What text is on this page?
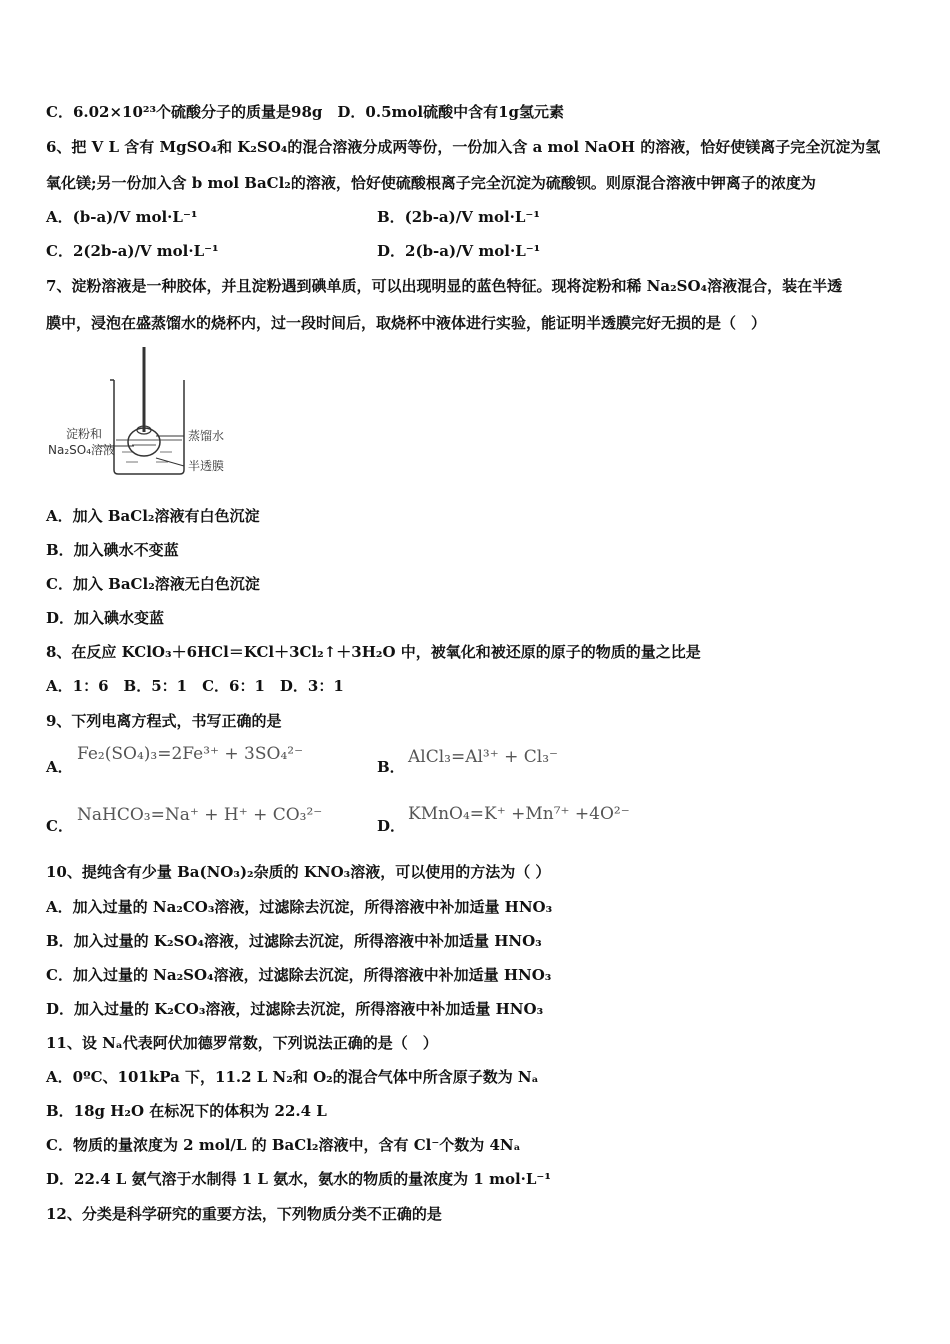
C．6.02×10²³个硫酸分子的质量是98g　D．0.5mol硫酸中含有1g氢元素
6、把 V L 含有 MgSO₄和 K₂SO₄的混合溶液分成两等份，一份加入含 a mol NaOH 的溶液，恰好使镁离子完全沉淀为氢
氧化镁;另一份加入含 b mol BaCl₂的溶液，恰好使硫酸根离子完全沉淀为硫酸钡。则原混合溶液中钾离子的浓度为
A．(b-a)/V mol·L⁻¹	B．(2b-a)/V mol·L⁻¹
C．2(2b-a)/V mol·L⁻¹	D．2(b-a)/V mol·L⁻¹
7、淀粉溶液是一种胶体，并且淀粉遇到碘单质，可以出现明显的蓝色特征。现将淀粉和稀 Na₂SO₄溶液混合，装在半透
膜中，浸泡在盛蒸馏水的烧杯内，过一段时间后，取烧杯中液体进行实验，能证明半透膜完好无损的是（　）
淀粉和
Na₂SO₄溶液
蒸馏水
半透膜
A．加入 BaCl₂溶液有白色沉淀
B．加入碘水不变蓝
C．加入 BaCl₂溶液无白色沉淀
D．加入碘水变蓝
8、在反应 KClO₃＋6HCl＝KCl＋3Cl₂↑＋3H₂O 中，被氧化和被还原的原子的物质的量之比是
A．1：6　B．5：1　C．6：1　D．3：1
9、下列电离方程式，书写正确的是
A．
Fe₂(SO₄)₃=2Fe³⁺ + 3SO₄²⁻
B． AlCl₃=Al³⁺ + Cl₃⁻
C．
NaHCO₃=Na⁺ + H⁺ + CO₃²⁻
D．
KMnO₄=K⁺ +Mn⁷⁺ +4O²⁻
10、提纯含有少量 Ba(NO₃)₂杂质的 KNO₃溶液，可以使用的方法为（ ）
A．加入过量的 Na₂CO₃溶液，过滤除去沉淀，所得溶液中补加适量 HNO₃
B．加入过量的 K₂SO₄溶液，过滤除去沉淀，所得溶液中补加适量 HNO₃
C．加入过量的 Na₂SO₄溶液，过滤除去沉淀，所得溶液中补加适量 HNO₃
D．加入过量的 K₂CO₃溶液，过滤除去沉淀，所得溶液中补加适量 HNO₃
11、设 Nₐ代表阿伏加德罗常数，下列说法正确的是（　）
A．0ºC、101kPa 下，11.2 L N₂和 O₂的混合气体中所含原子数为 Nₐ
B．18g H₂O 在标况下的体积为 22.4 L
C．物质的量浓度为 2 mol/L 的 BaCl₂溶液中，含有 Cl⁻个数为 4Nₐ
D．22.4 L 氨气溶于水制得 1 L 氨水，氨水的物质的量浓度为 1 mol·L⁻¹
12、分类是科学研究的重要方法，下列物质分类不正确的是
